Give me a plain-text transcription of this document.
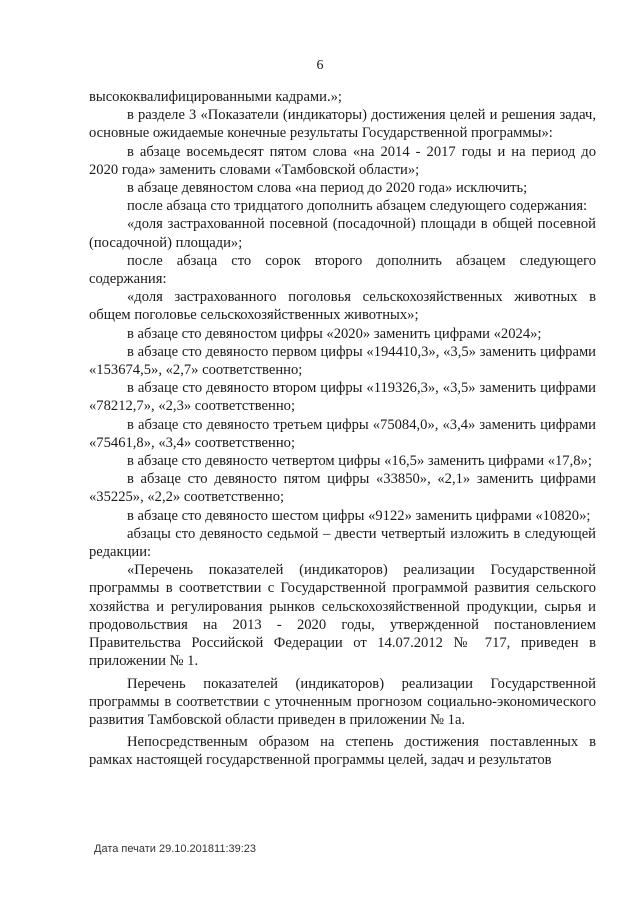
6

высококвалифицированными кадрами.»;

в разделе 3 «Показатели (индикаторы) достижения целей и решения задач, основные ожидаемые конечные результаты Государственной программы»:

в абзаце восемьдесят пятом слова «на 2014 - 2017 годы и на период до 2020 года» заменить словами «Тамбовской области»;

в абзаце девяностом слова «на период до 2020 года» исключить;

после абзаца сто тридцатого дополнить абзацем следующего содержания:

«доля застрахованной посевной (посадочной) площади в общей посевной (посадочной) площади»;

после абзаца сто сорок второго дополнить абзацем следующего содержания:

«доля застрахованного поголовья сельскохозяйственных животных в общем поголовье сельскохозяйственных животных»;

в абзаце сто девяностом цифры «2020» заменить цифрами «2024»;

в абзаце сто девяносто первом цифры «194410,3», «3,5» заменить цифрами «153674,5», «2,7» соответственно;

в абзаце сто девяносто втором цифры «119326,3», «3,5» заменить цифрами «78212,7», «2,3» соответственно;

в абзаце сто девяносто третьем цифры «75084,0», «3,4» заменить цифрами «75461,8», «3,4» соответственно;

в абзаце сто девяносто четвертом цифры «16,5» заменить цифрами «17,8»;

в абзаце сто девяносто пятом цифры «33850», «2,1» заменить цифрами «35225», «2,2» соответственно;

в абзаце сто девяносто шестом цифры «9122» заменить цифрами «10820»;

абзацы сто девяносто седьмой – двести четвертый изложить в следующей редакции:

«Перечень показателей (индикаторов) реализации Государственной программы в соответствии с Государственной программой развития сельского хозяйства и регулирования рынков сельскохозяйственной продукции, сырья и продовольствия на 2013 - 2020 годы, утвержденной постановлением Правительства Российской Федерации от 14.07.2012 № 717, приведен в приложении № 1.

Перечень показателей (индикаторов) реализации Государственной программы в соответствии с уточненным прогнозом социально-экономического развития Тамбовской области приведен в приложении № 1а.

Непосредственным образом на степень достижения поставленных в рамках настоящей государственной программы целей, задач и результатов

Дата печати 29.10.201811:39:23
